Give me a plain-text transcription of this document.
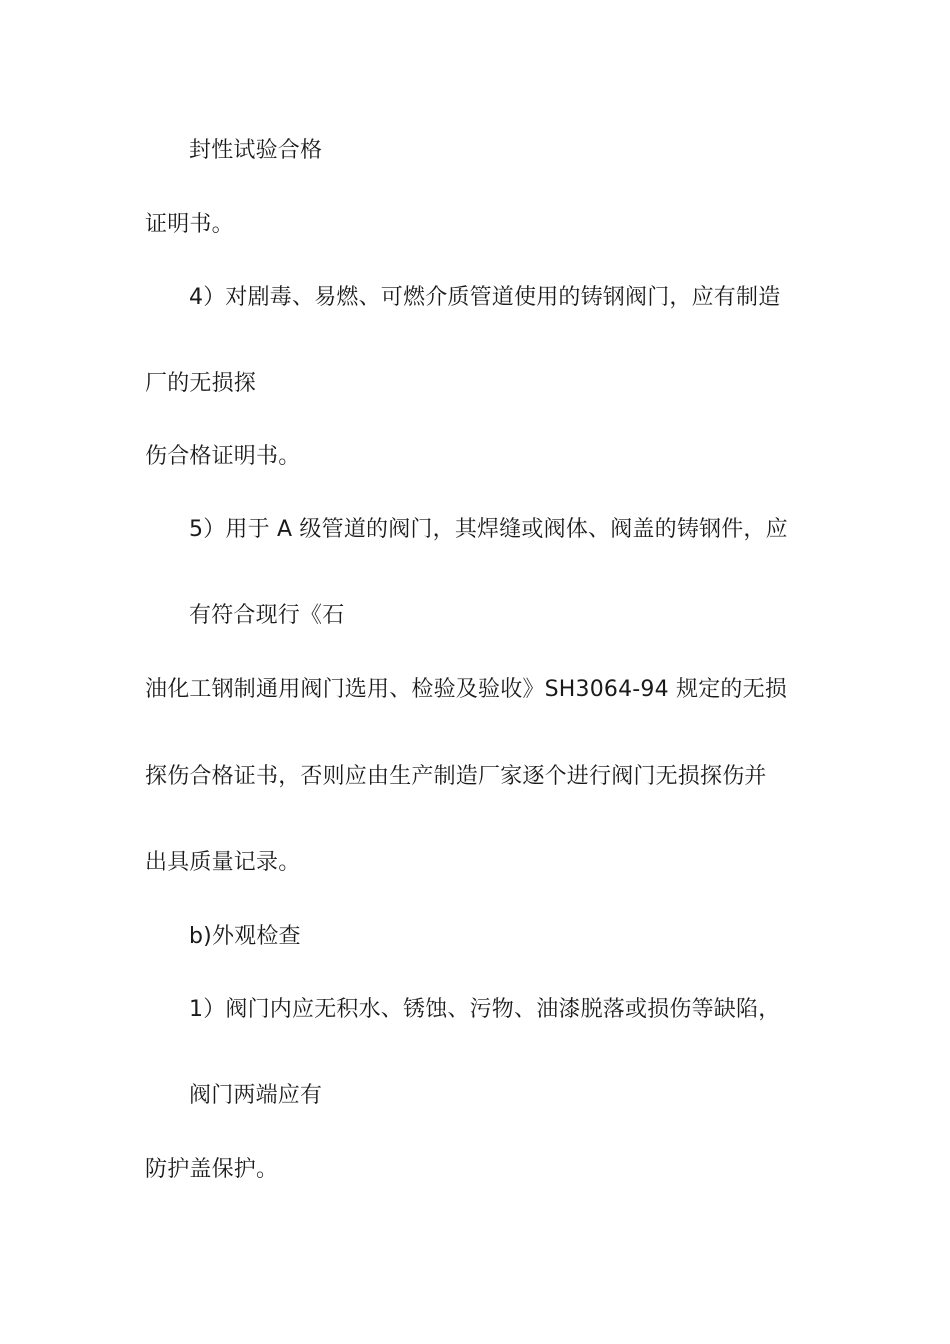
封性试验合格
证明书。
4）对剧毒、易燃、可燃介质管道使用的铸钢阀门，应有制造
厂的无损探
伤合格证明书。
5）用于 A 级管道的阀门，其焊缝或阀体、阀盖的铸钢件，应
有符合现行《石
油化工钢制通用阀门选用、检验及验收》SH3064-94 规定的无损
探伤合格证书，否则应由生产制造厂家逐个进行阀门无损探伤并
出具质量记录。
b)外观检查
1）阀门内应无积水、锈蚀、污物、油漆脱落或损伤等缺陷，
阀门两端应有
防护盖保护。
